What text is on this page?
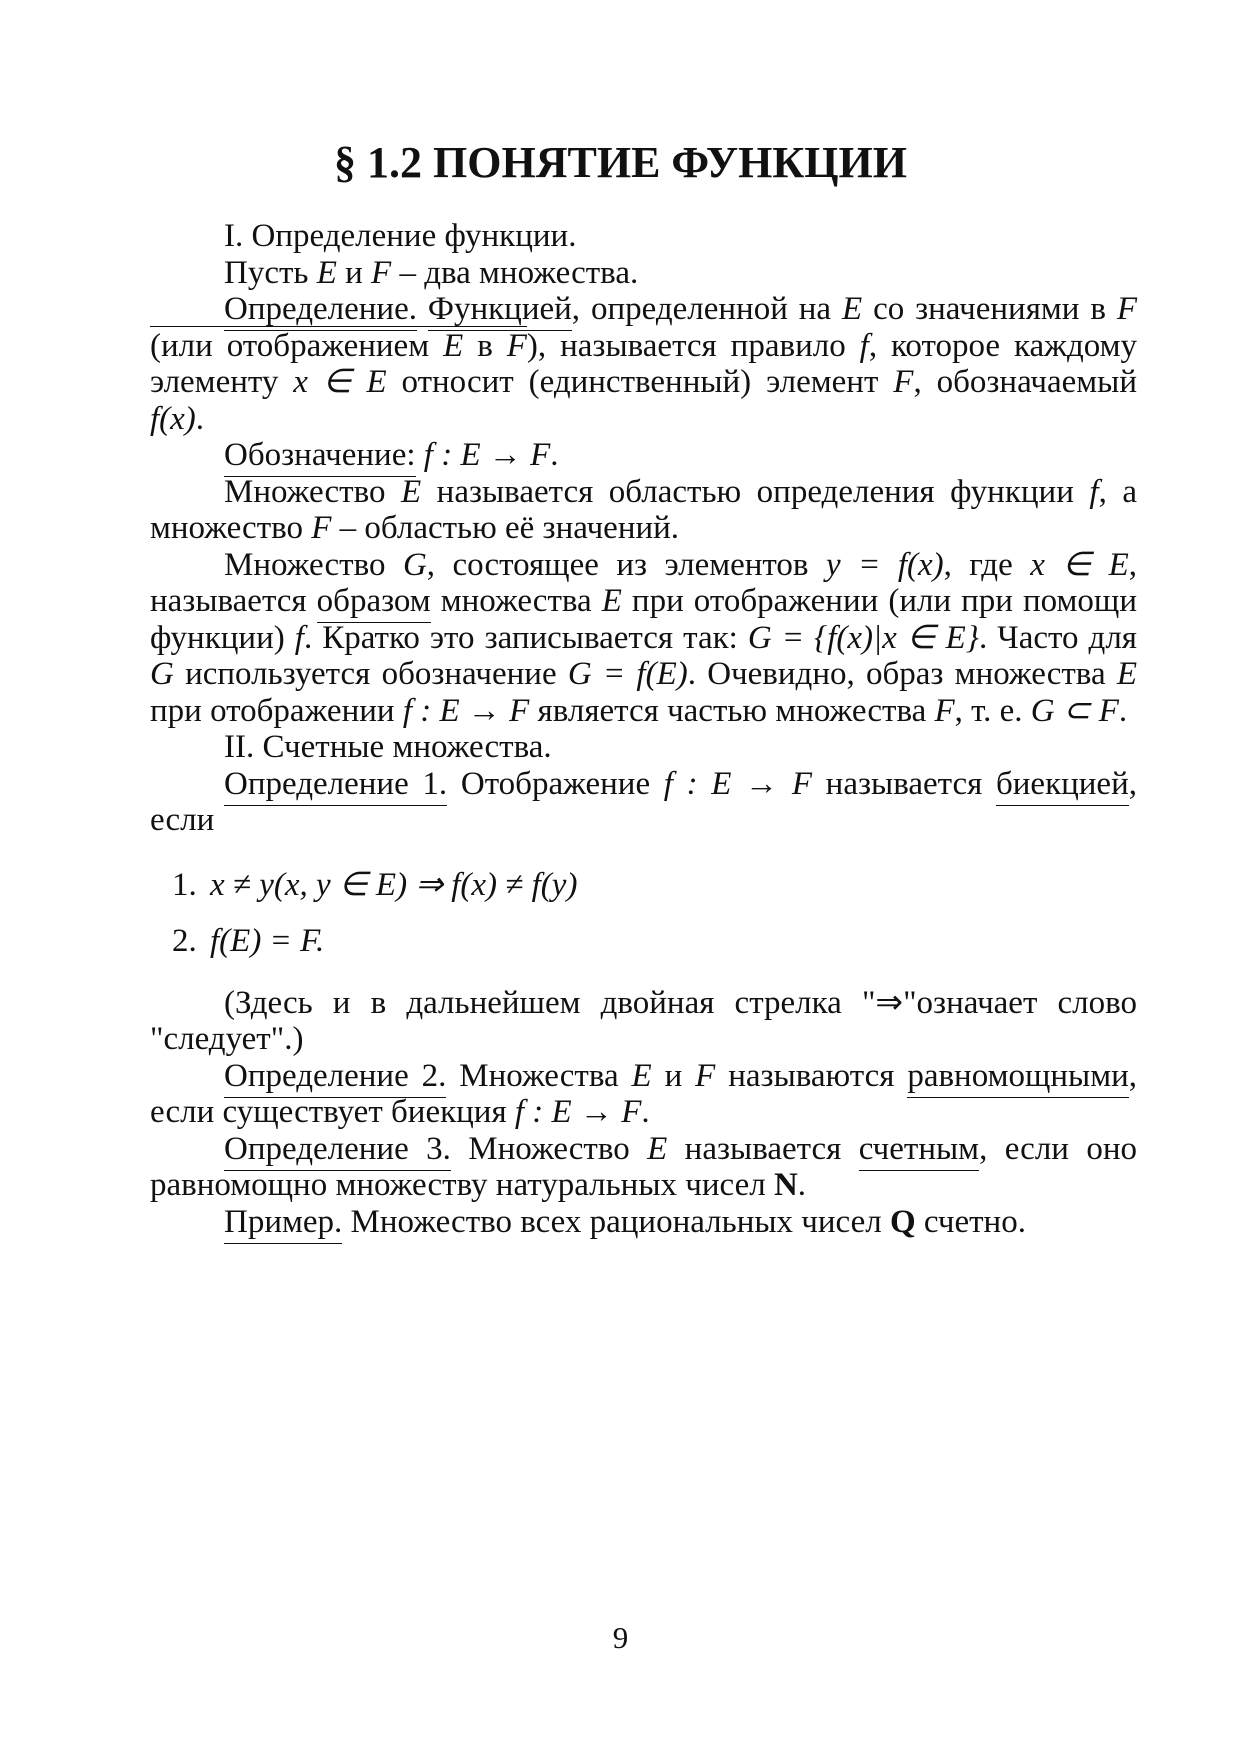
§ 1.2 ПОНЯТИЕ ФУНКЦИИ

I. Определение функции.

Пусть E и F – два множества.

Определение. Функцией, определенной на E со значениями в F (или отображением E в F), называется правило f, которое каждому элементу x ∈ E относит (единственный) элемент F, обозначаемый f(x).

Обозначение: f : E → F.

Множество E называется областью определения функции f, а множество F – областью её значений.

Множество G, состоящее из элементов y = f(x), где x ∈ E, называется образом множества E при отображении (или при помощи функции) f. Кратко это записывается так: G = {f(x)|x ∈ E}. Часто для G используется обозначение G = f(E). Очевидно, образ множества E при отображении f : E → F является частью множества F, т. е. G ⊂ F.

II. Счетные множества.

Определение 1. Отображение f : E → F называется биекцией, если

1. x ≠ y(x, y ∈ E) ⇒ f(x) ≠ f(y)

2. f(E) = F.

(Здесь и в дальнейшем двойная стрелка "⇒"означает слово "следует".)

Определение 2. Множества E и F называются равномощными, если существует биекция f : E → F.

Определение 3. Множество E называется счетным, если оно равномощно множеству натуральных чисел N.

Пример. Множество всех рациональных чисел Q счетно.

9
